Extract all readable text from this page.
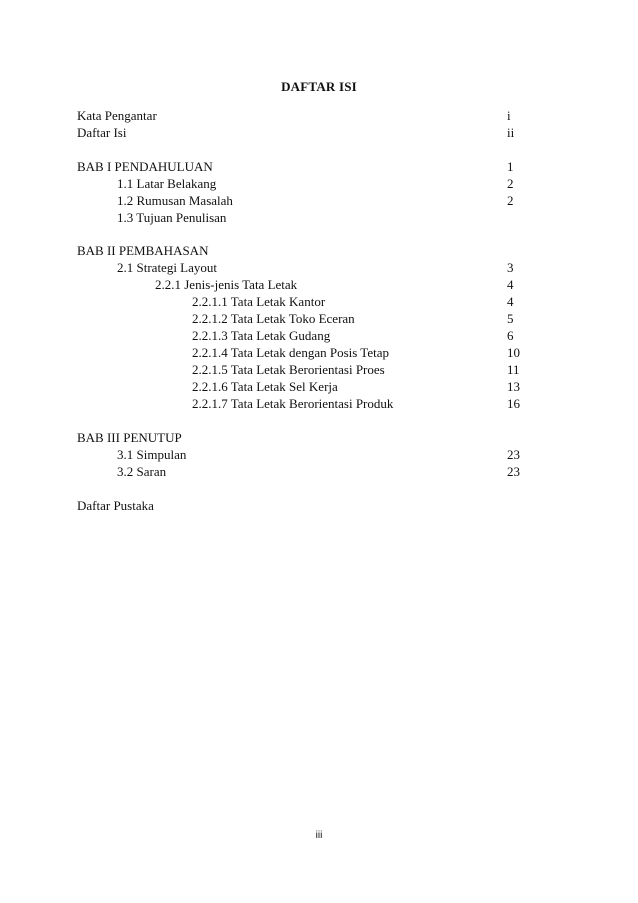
DAFTAR ISI
Kata Pengantar	i
Daftar Isi	ii
BAB I PENDAHULUAN	1
1.1 Latar Belakang	2
1.2 Rumusan Masalah	2
1.3 Tujuan Penulisan
BAB II PEMBAHASAN
2.1 Strategi Layout	3
2.2.1 Jenis-jenis Tata Letak	4
2.2.1.1 Tata Letak Kantor	4
2.2.1.2 Tata Letak Toko Eceran	5
2.2.1.3 Tata Letak Gudang	6
2.2.1.4 Tata Letak dengan Posis Tetap	10
2.2.1.5 Tata Letak Berorientasi Proes	11
2.2.1.6 Tata Letak Sel Kerja	13
2.2.1.7 Tata Letak Berorientasi Produk	16
BAB III PENUTUP
3.1 Simpulan	23
3.2 Saran	23
Daftar Pustaka
iii
